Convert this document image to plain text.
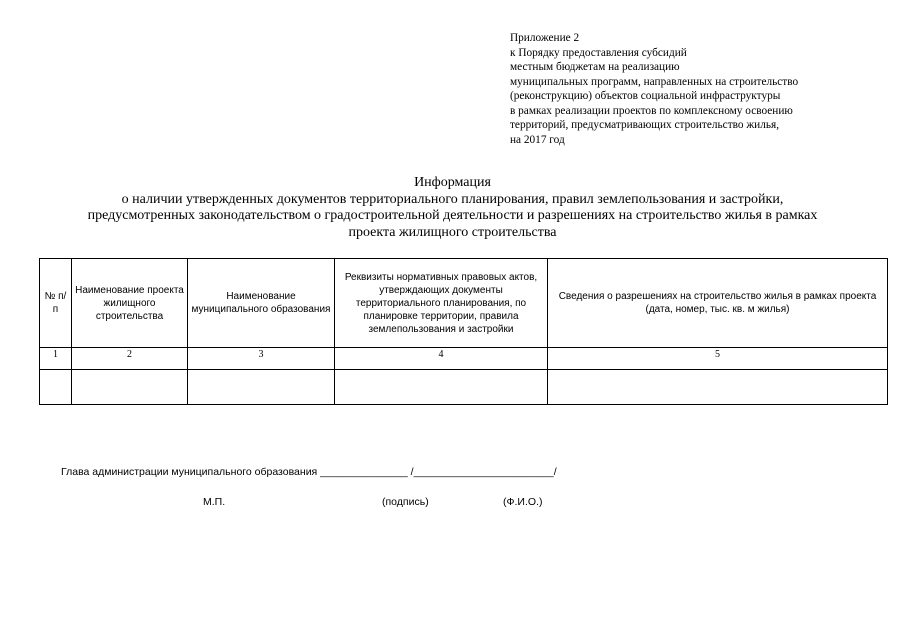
Приложение 2
к Порядку предоставления субсидий
местным бюджетам на реализацию
муниципальных программ, направленных на строительство
(реконструкцию) объектов социальной инфраструктуры
в рамках реализации проектов по комплексному освоению
территорий, предусматривающих строительство жилья,
на 2017 год
Информация
о наличии утвержденных документов территориального планирования, правил землепользования и застройки,
предусмотренных законодательством о градостроительной деятельности и разрешениях на строительство жилья в рамках
проекта жилищного строительства
№ п/п	Наименование проекта жилищного строительства	Наименование муниципального образования	Реквизиты нормативных правовых актов, утверждающих документы территориального планирования, по планировке территории, правила землепользования и застройки	Сведения о разрешениях на строительство жилья в рамках проекта (дата, номер, тыс. кв. м жилья)
1	2	3	4	5

Глава администрации муниципального образования _______________ /________________________/
М.П.	(подпись)	(Ф.И.О.)
